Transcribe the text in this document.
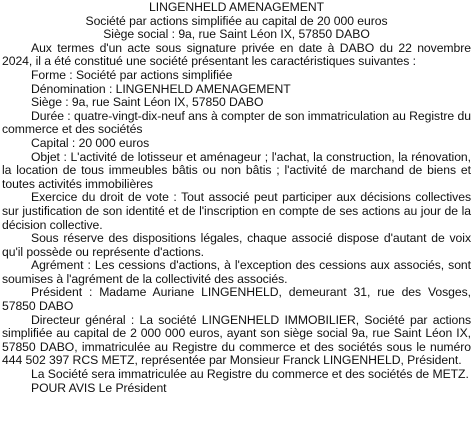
LINGENHELD AMENAGEMENT
Société par actions simplifiée au capital de 20 000 euros
Siège social : 9a, rue Saint Léon IX, 57850 DABO

Aux termes d'un acte sous signature privée en date à DABO du 22 novembre 2024, il a été constitué une société présentant les caractéristiques suivantes :

Forme : Société par actions simplifiée

Dénomination : LINGENHELD AMENAGEMENT

Siège : 9a, rue Saint Léon IX, 57850 DABO

Durée : quatre-vingt-dix-neuf ans à compter de son immatriculation au Registre du commerce et des sociétés

Capital : 20 000 euros

Objet : L'activité de lotisseur et aménageur ; l'achat, la construction, la rénovation, la location de tous immeubles bâtis ou non bâtis ; l'activité de marchand de biens et toutes activités immobilières

Exercice du droit de vote : Tout associé peut participer aux décisions collectives sur justification de son identité et de l'inscription en compte de ses actions au jour de la décision collective.

Sous réserve des dispositions légales, chaque associé dispose d'autant de voix qu'il possède ou représente d'actions.

Agrément : Les cessions d'actions, à l'exception des cessions aux associés, sont soumises à l'agrément de la collectivité des associés.

Président : Madame Auriane LINGENHELD, demeurant 31, rue des Vosges, 57850 DABO

Directeur général : La société LINGENHELD IMMOBILIER, Société par actions simplifiée au capital de 2 000 000 euros, ayant son siège social 9a, rue Saint Léon IX, 57850 DABO, immatriculée au Registre du commerce et des sociétés sous le numéro 444 502 397 RCS METZ, représentée par Monsieur Franck LINGENHELD, Président.

La Société sera immatriculée au Registre du commerce et des sociétés de METZ.

POUR AVIS Le Président
